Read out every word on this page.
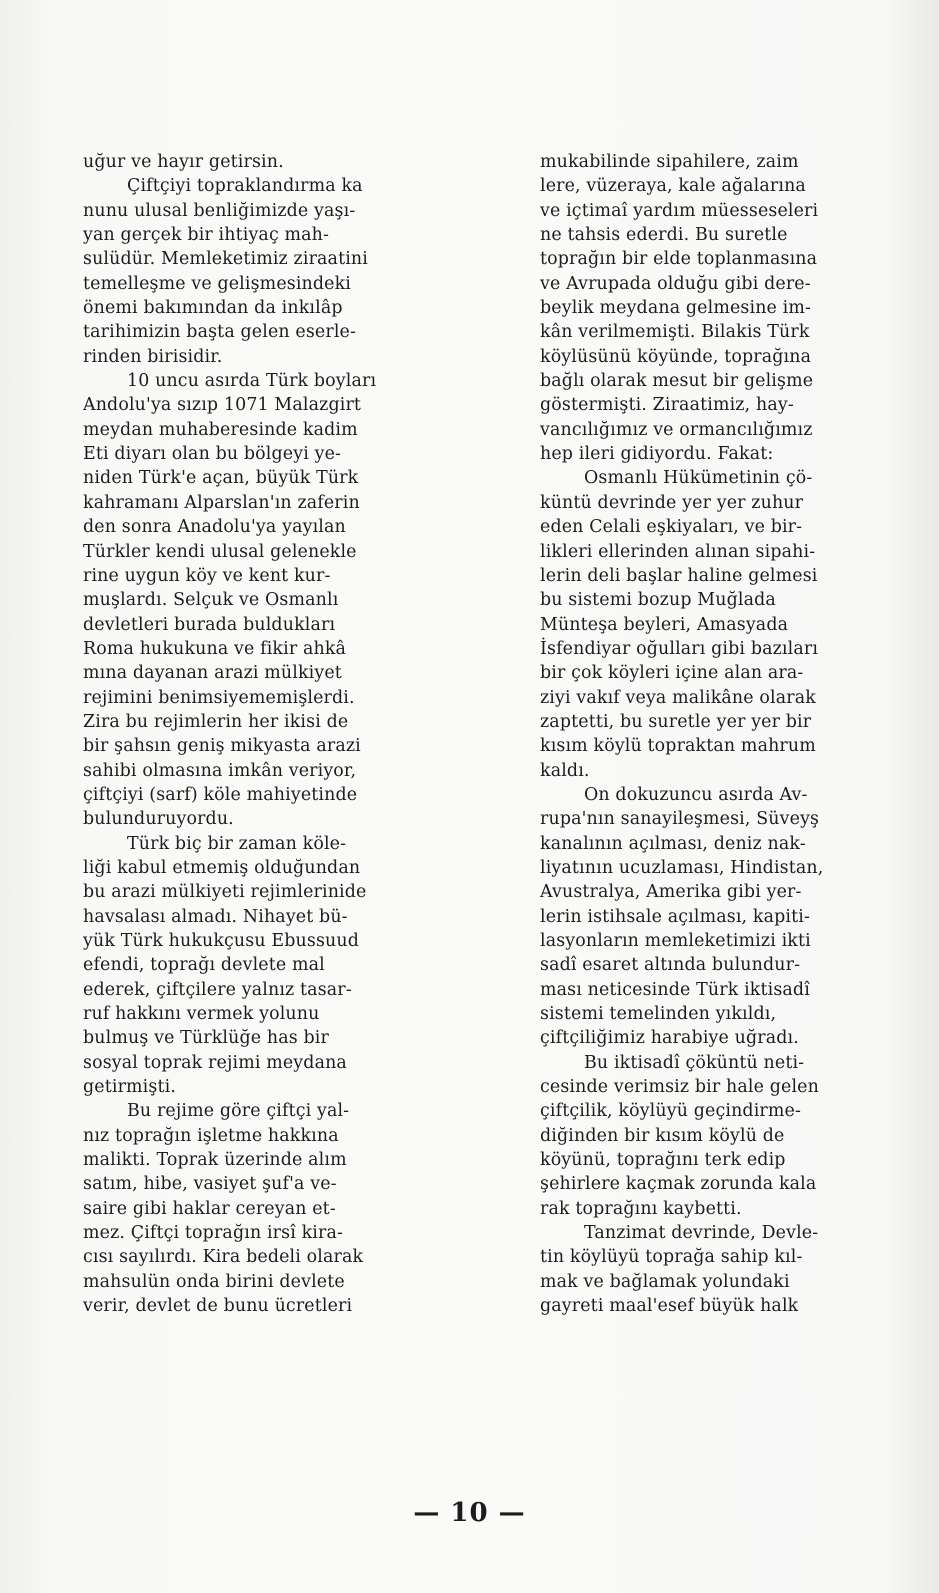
uğur ve hayır getirsin.
Çiftçiyi topraklandırma ka
nunu ulusal benliğimizde yaşı-
yan gerçek bir ihtiyaç mah-
sulüdür. Memleketimiz ziraatini
temelleşme ve gelişmesindeki
önemi bakımından da inkılâp
tarihimizin başta gelen eserle-
rinden birisidir.
10 uncu asırda Türk boyları
Andolu'ya sızıp 1071 Malazgirt
meydan muhaberesinde kadim
Eti diyarı olan bu bölgeyi ye-
niden Türk'e açan, büyük Türk
kahramanı Alparslan'ın zaferin
den sonra Anadolu'ya yayılan
Türkler kendi ulusal gelenekle
rine uygun köy ve kent kur-
muşlardı. Selçuk ve Osmanlı
devletleri burada buldukları
Roma hukukuna ve fikir ahkâ
mına dayanan arazi mülkiyet
rejimini benimsiyememişlerdi.
Zira bu rejimlerin her ikisi de
bir şahsın geniş mikyasta arazi
sahibi olmasına imkân veriyor,
çiftçiyi (sarf) köle mahiyetinde
bulunduruyordu.
Türk biç bir zaman köle-
liği kabul etmemiş olduğundan
bu arazi mülkiyeti rejimlerinide
havsalası almadı. Nihayet bü-
yük Türk hukukçusu Ebussuud
efendi, toprağı devlete mal
ederek, çiftçilere yalnız tasar-
ruf hakkını vermek yolunu
bulmuş ve Türklüğe has bir
sosyal toprak rejimi meydana
getirmişti.
Bu rejime göre çiftçi yal-
nız toprağın işletme hakkına
malikti. Toprak üzerinde alım
satım, hibe, vasiyet şuf'a ve-
saire gibi haklar cereyan et-
mez. Çiftçi toprağın irsî kira-
cısı sayılırdı. Kira bedeli olarak
mahsulün onda birini devlete
verir, devlet de bunu ücretleri
mukabilinde sipahilere, zaim
lere, vüzeraya, kale ağalarına
ve içtimaî yardım müesseseleri
ne tahsis ederdi. Bu suretle
toprağın bir elde toplanmasına
ve Avrupada olduğu gibi dere-
beylik meydana gelmesine im-
kân verilmemişti. Bilakis Türk
köylüsünü köyünde, toprağına
bağlı olarak mesut bir gelişme
göstermişti. Ziraatimiz, hay-
vancılığımız ve ormancılığımız
hep ileri gidiyordu. Fakat:
Osmanlı Hükümetinin çö-
küntü devrinde yer yer zuhur
eden Celali eşkiyaları, ve bir-
likleri ellerinden alınan sipahi-
lerin deli başlar haline gelmesi
bu sistemi bozup Muğlada
Münteşa beyleri, Amasyada
İsfendiyar oğulları gibi bazıları
bir çok köyleri içine alan ara-
ziyi vakıf veya malikâne olarak
zaptetti, bu suretle yer yer bir
kısım köylü topraktan mahrum
kaldı.
On dokuzuncu asırda Av-
rupa'nın sanayileşmesi, Süveyş
kanalının açılması, deniz nak-
liyatının ucuzlaması, Hindistan,
Avustralya, Amerika gibi yer-
lerin istihsale açılması, kapiti-
lasyonların memleketimizi ikti
sadî esaret altında bulundur-
ması neticesinde Türk iktisadî
sistemi temelinden yıkıldı,
çiftçiliğimiz harabiye uğradı.
Bu iktisadî çöküntü neti-
cesinde verimsiz bir hale gelen
çiftçilik, köylüyü geçindirme-
diğinden bir kısım köylü de
köyünü, toprağını terk edip
şehirlere kaçmak zorunda kala
rak toprağını kaybetti.
Tanzimat devrinde, Devle-
tin köylüyü toprağa sahip kıl-
mak ve bağlamak yolundaki
gayreti maal'esef büyük halk
— 10 —
